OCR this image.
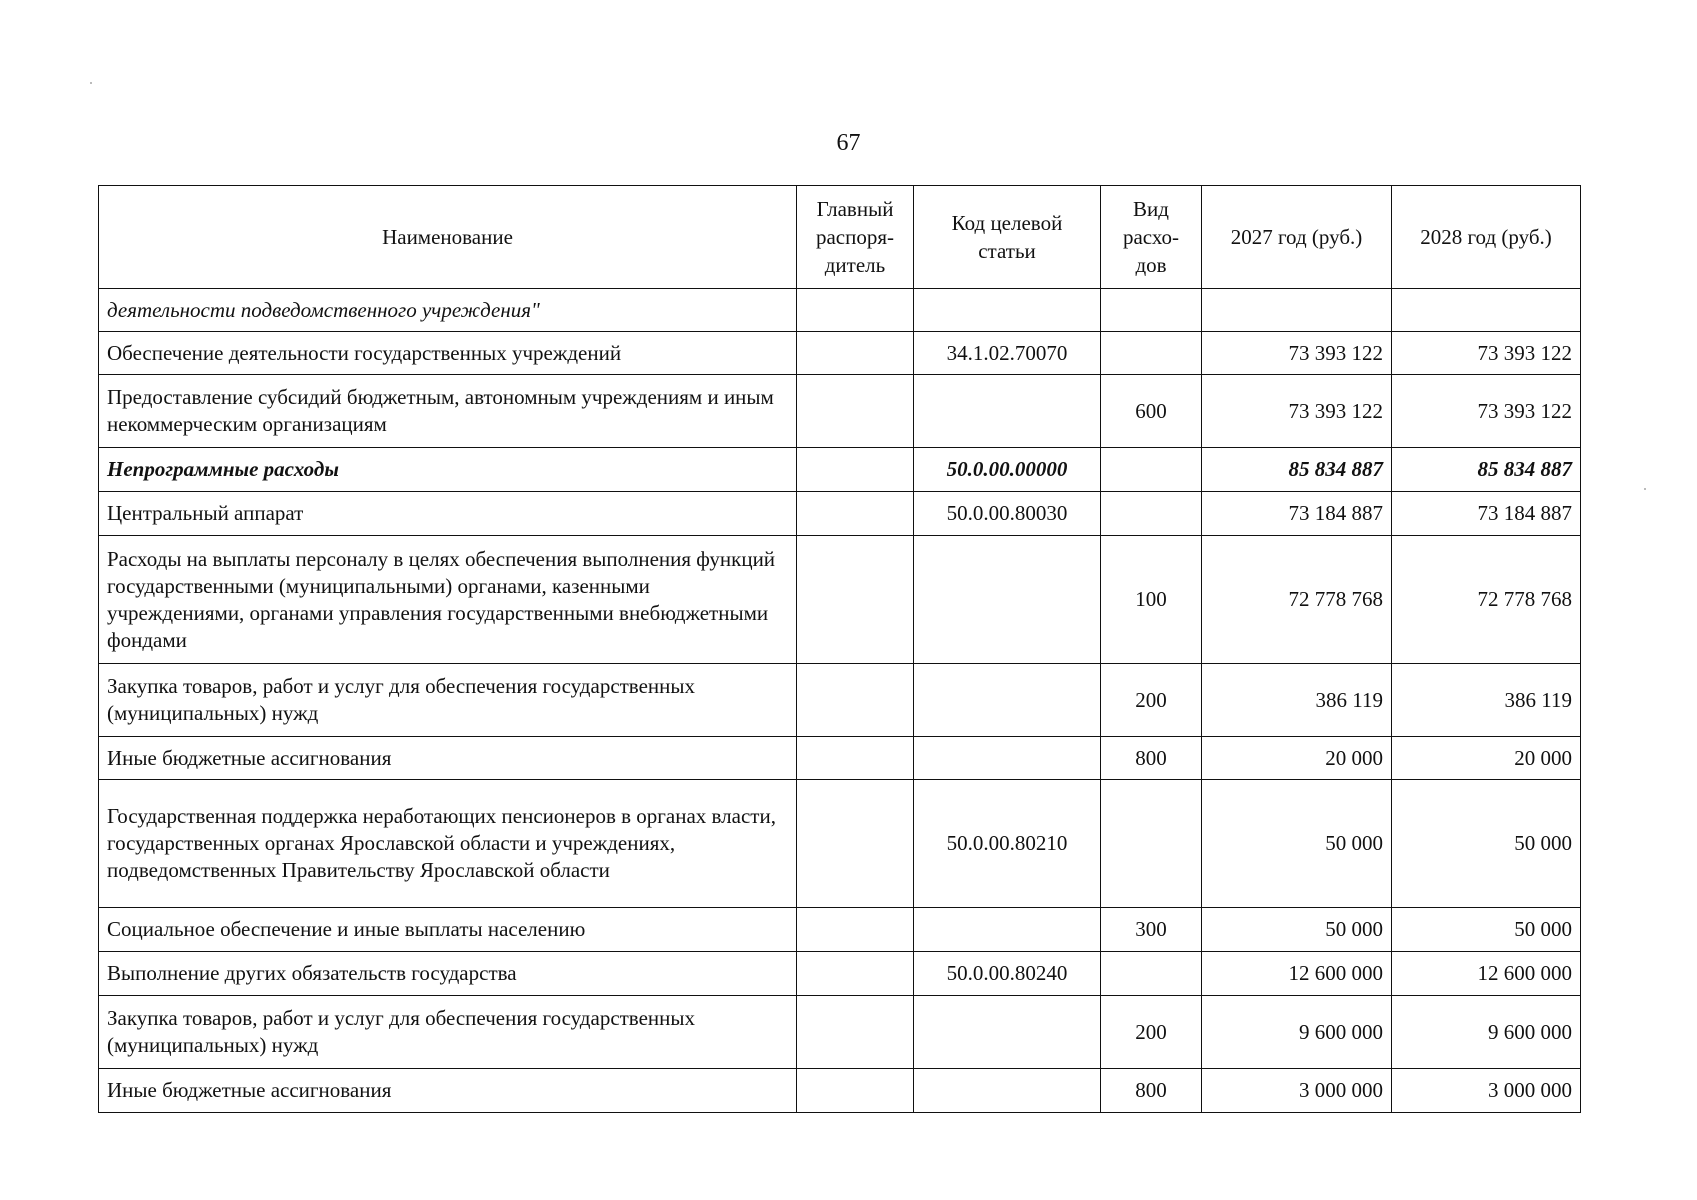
67
Наименование	Главный распоря-дитель	Код целевой статьи	Вид расхо-дов	2027 год (руб.)	2028 год (руб.)
деятельности подведомственного учреждения"					
Обеспечение деятельности государственных учреждений		34.1.02.70070		73 393 122	73 393 122
Предоставление субсидий бюджетным, автономным учреждениям и иным некоммерческим организациям			600	73 393 122	73 393 122
Непрограммные расходы		50.0.00.00000		85 834 887	85 834 887
Центральный аппарат		50.0.00.80030		73 184 887	73 184 887
Расходы на выплаты персоналу в целях обеспечения выполнения функций государственными (муниципальными) органами, казенными учреждениями, органами управления государственными внебюджетными фондами			100	72 778 768	72 778 768
Закупка товаров, работ и услуг для обеспечения государственных (муниципальных) нужд			200	386 119	386 119
Иные бюджетные ассигнования			800	20 000	20 000
Государственная поддержка неработающих пенсионеров в органах власти, государственных органах Ярославской области и учреждениях, подведомственных Правительству Ярославской области		50.0.00.80210		50 000	50 000
Социальное обеспечение и иные выплаты населению			300	50 000	50 000
Выполнение других обязательств государства		50.0.00.80240		12 600 000	12 600 000
Закупка товаров, работ и услуг для обеспечения государственных (муниципальных) нужд			200	9 600 000	9 600 000
Иные бюджетные ассигнования			800	3 000 000	3 000 000
